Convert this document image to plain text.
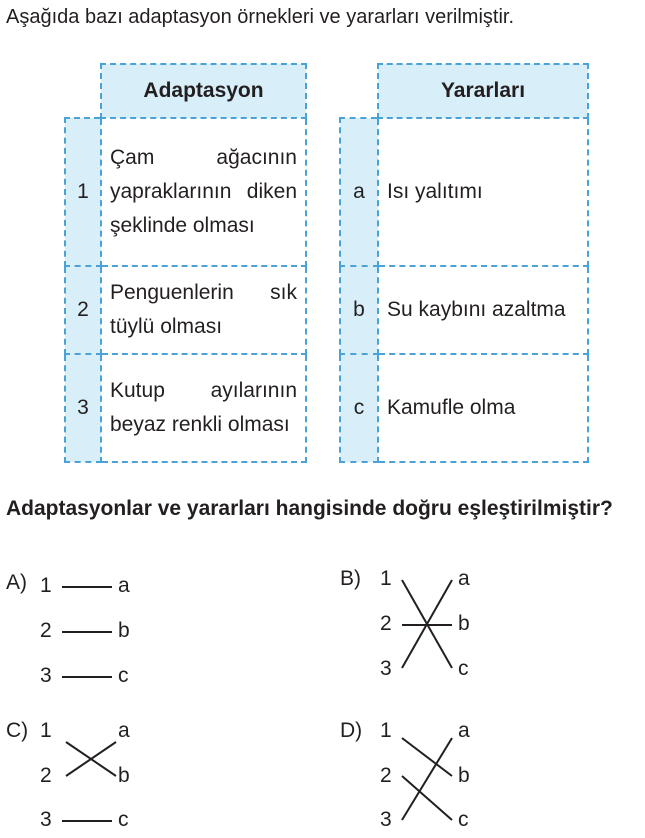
Aşağıda bazı adaptasyon örnekleri ve yararları verilmiştir.
	Adaptasyon
1	Çam ağacının yapraklarının diken şeklinde olması
2	Penguenlerin sık tüylü olması
3	Kutup ayılarının beyaz renkli olması
	Yararları
a	Isı yalıtımı
b	Su kaybını azaltma
c	Kamufle olma
Adaptasyonlar ve yararları hangisinde doğru eşleştirilmiştir?
A)	B)
C)	D)
1
2
3
a
b
c
1
2
3
a
b
c
1
2
3
a
b
c
1
2
3
a
b
c
